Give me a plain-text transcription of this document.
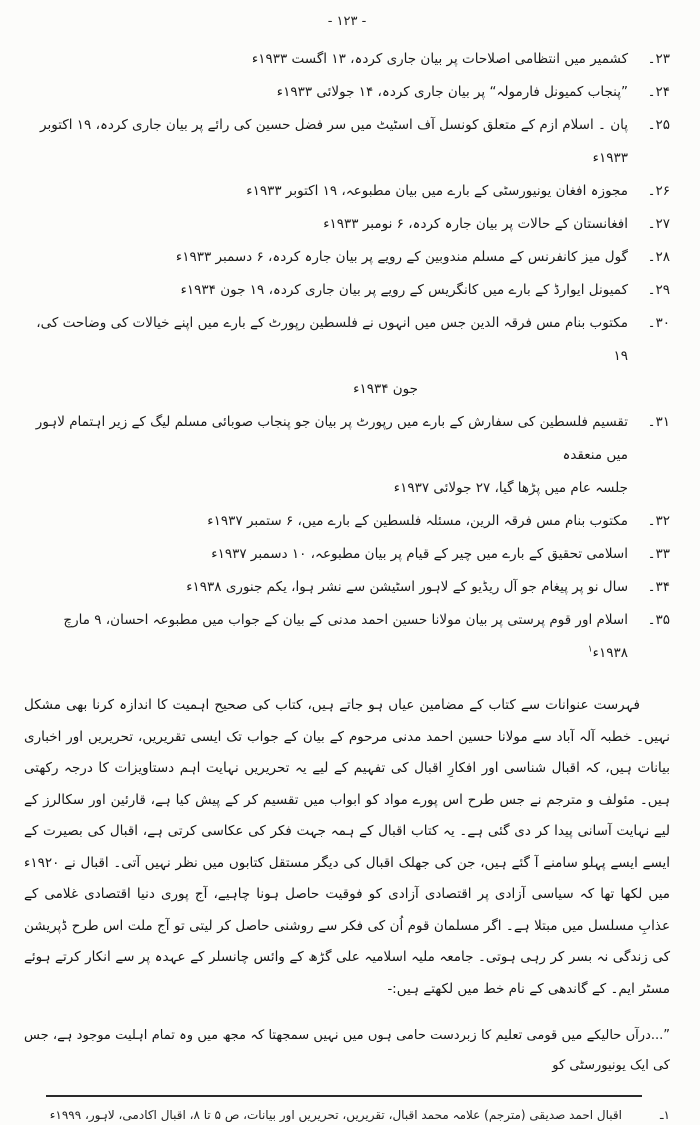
- ۱۲۳ -
۲۳۔
کشمیر میں انتظامی اصلاحات پر بیان جاری کردہ، ۱۳ اگست ۱۹۳۳ء
۲۴۔
”پنجاب کمیونل فارمولہ“ پر بیان جاری کردہ، ۱۴ جولائی ۱۹۳۳ء
۲۵۔
پان ۔ اسلام ازم کے متعلق کونسل آف اسٹیٹ میں سر فضل حسین کی رائے پر بیان جاری کردہ، ۱۹ اکتوبر ۱۹۳۳ء
۲۶۔
مجوزہ افغان یونیورسٹی کے بارے میں بیان مطبوعہ، ۱۹ اکتوبر ۱۹۳۳ء
۲۷۔
افغانستان کے حالات پر بیان جارہ کردہ، ۶ نومبر ۱۹۳۳ء
۲۸۔
گول میز کانفرنس کے مسلم مندوبین کے رویے پر بیان جارہ کردہ، ۶ دسمبر ۱۹۳۳ء
۲۹۔
کمیونل ایوارڈ کے بارے میں کانگریس کے رویے پر بیان جاری کردہ، ۱۹ جون ۱۹۳۴ء
۳۰۔
مکتوب بنام مس فرقہ الدین جس میں انہوں نے فلسطین رپورٹ کے بارے میں اپنے خیالات کی وضاحت کی، ۱۹
جون ۱۹۳۴ء
۳۱۔
تقسیم فلسطین کی سفارش کے بارے میں رپورٹ پر بیان جو پنجاب صوبائی مسلم لیگ کے زیر اہتمام لاہور میں منعقدہ
جلسہ عام میں پڑھا گیا، ۲۷ جولائی ۱۹۳۷ء
۳۲۔
مکتوب بنام مس فرقہ الرین، مسئلہ فلسطین کے بارے میں، ۶ ستمبر ۱۹۳۷ء
۳۳۔
اسلامی تحقیق کے بارے میں چیر کے قیام پر بیان مطبوعہ، ۱۰ دسمبر ۱۹۳۷ء
۳۴۔
سال نو پر پیغام جو آل ریڈیو کے لاہور اسٹیشن سے نشر ہوا، یکم جنوری ۱۹۳۸ء
۳۵۔
اسلام اور قوم پرستی پر بیان مولانا حسین احمد مدنی کے بیان کے جواب میں مطبوعہ احسان، ۹ مارچ ۱۹۳۸ء$^۱$
فہرست عنوانات سے کتاب کے مضامین عیاں ہو جاتے ہیں، کتاب کی صحیح اہمیت کا اندازہ کرنا بھی مشکل نہیں۔ خطبہ آلہ آباد سے مولانا حسین احمد مدنی مرحوم کے بیان کے جواب تک ایسی تقریریں، تحریریں اور اخباری بیانات ہیں، کہ اقبال شناسی اور افکارِ اقبال کی تفہیم کے لیے یہ تحریریں نہایت اہم دستاویزات کا درجہ رکھتی ہیں۔ مئولف و مترجم نے جس طرح اس پورے مواد کو ابواب میں تقسیم کر کے پیش کیا ہے، قارئین اور سکالرز کے لیے نہایت آسانی پیدا کر دی گئی ہے۔ یہ کتاب اقبال کے ہمہ جہت فکر کی عکاسی کرتی ہے، اقبال کی بصیرت کے ایسے ایسے پہلو سامنے آ گئے ہیں، جن کی جھلک اقبال کی دیگر مستقل کتابوں میں نظر نہیں آتی۔ اقبال نے ۱۹۲۰ء میں لکھا تھا کہ سیاسی آزادی پر اقتصادی آزادی کو فوقیت حاصل ہونا چاہیے، آج پوری دنیا اقتصادی غلامی کے عذابِ مسلسل میں مبتلا ہے۔ اگر مسلمان قوم اُن کی فکر سے روشنی حاصل کر لیتی تو آج ملت اس طرح ڈپریشن کی زندگی نہ بسر کر رہی ہوتی۔ جامعہ ملیہ اسلامیہ علی گڑھ کے وائس چانسلر کے عہدہ پر سے انکار کرتے ہوئے مسٹر ایم۔ کے گاندھی کے نام خط میں لکھتے ہیں:-
”...درآں حالیکے میں قومی تعلیم کا زبردست حامی ہوں میں نہیں سمجھتا کہ مجھ میں وہ تمام اہلیت موجود ہے، جس کی ایک یونیورسٹی کو
۱ـ
اقبال احمد صدیقی (مترجم) علامہ محمد اقبال، تقریریں، تحریریں اور بیانات، ص ۵ تا ۸، اقبال اکادمی، لاہور، ۱۹۹۹ء
